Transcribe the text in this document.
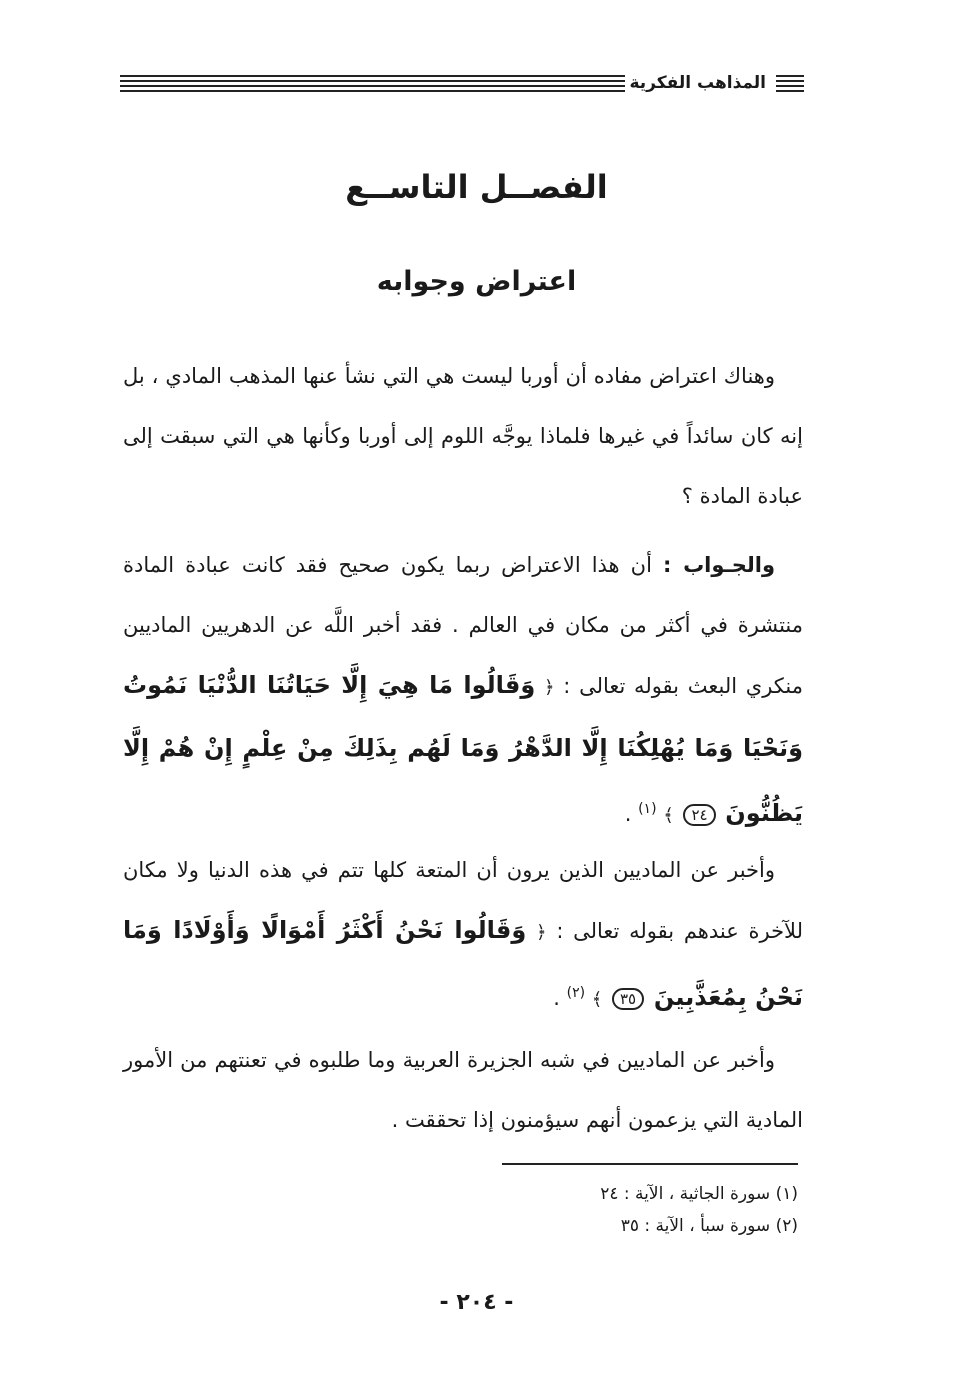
المذاهب الفكرية
الفصــل التاســع
اعتراض وجوابه
وهناك اعتراض مفاده أن أوربا ليست هي التي نشأ عنها المذهب المادي ، بل إنه كان سائداً في غيرها فلماذا يوجَّه اللوم إلى أوربا وكأنها هي التي سبقت إلى عبادة المادة ؟
والجـواب : أن هذا الاعتراض ربما يكون صحيح فقد كانت عبادة المادة منتشرة في أكثر من مكان في العالم . فقد أخبر اللَّه عن الدهريين الماديين منكري البعث بقوله تعالى : ﴿ وَقَالُوا مَا هِيَ إِلَّا حَيَاتُنَا الدُّنْيَا نَمُوتُ وَنَحْيَا وَمَا يُهْلِكُنَا إِلَّا الدَّهْرُ وَمَا لَهُم بِذَلِكَ مِنْ عِلْمٍ إِنْ هُمْ إِلَّا يَظُنُّونَ ٢٤ ﴾ $^{(١)}$ .
وأخبر عن الماديين الذين يرون أن المتعة كلها تتم في هذه الدنيا ولا مكان للآخرة عندهم بقوله تعالى : ﴿ وَقَالُوا نَحْنُ أَكْثَرُ أَمْوَالًا وَأَوْلَادًا وَمَا نَحْنُ بِمُعَذَّبِينَ ٣٥ ﴾ $^{(٢)}$ .
وأخبر عن الماديين في شبه الجزيرة العربية وما طلبوه في تعنتهم من الأمور المادية التي يزعمون أنهم سيؤمنون إذا تحققت .
(١) سورة الجاثية ، الآية : ٢٤
(٢) سورة سبأ ، الآية : ٣٥
- ٢٠٤ -
